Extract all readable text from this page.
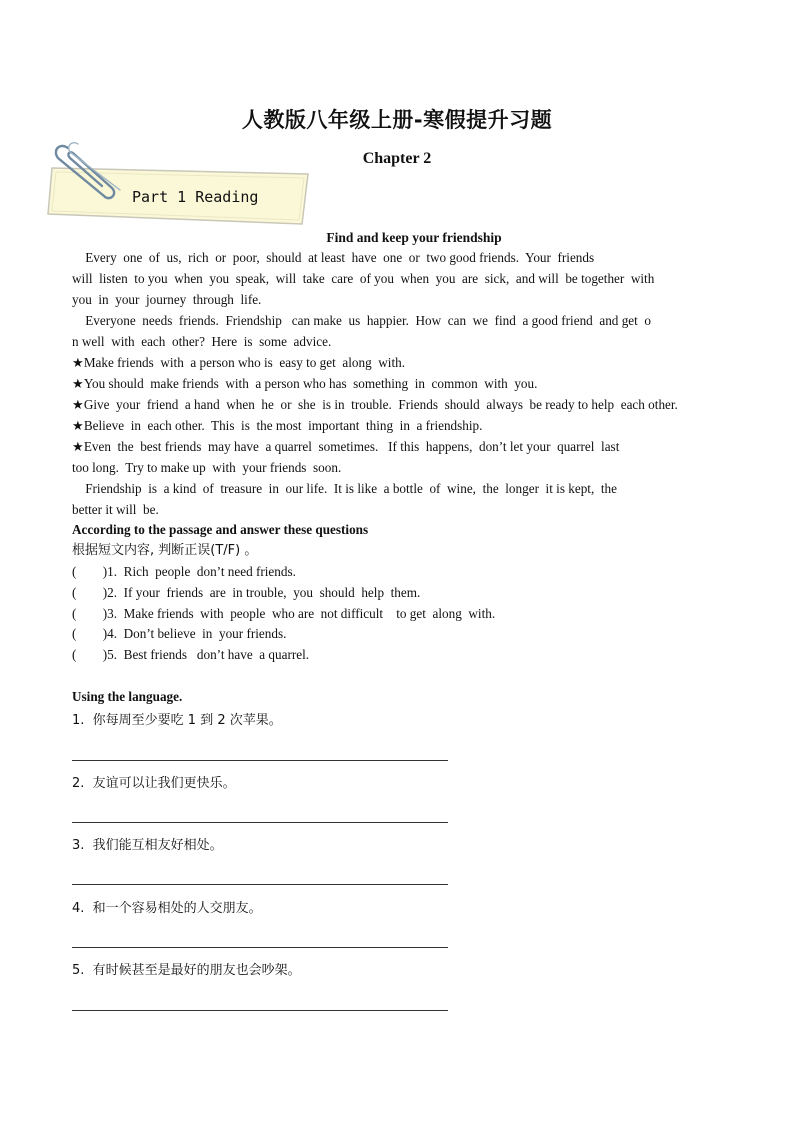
人教版八年级上册-寒假提升习题
Chapter 2
Part 1 Reading
Find and keep your friendship
Every  one  of  us,  rich  or  poor,  should  at least  have  one  or  two good friends.  Your  friends
will  listen  to you  when  you  speak,  will  take  care  of you  when  you  are  sick,  and will  be together  with
you  in  your  journey  through  life.
Everyone  needs  friends.  Friendship   can make  us  happier.  How  can  we  find  a good friend  and get  o
n well  with  each  other?  Here  is  some  advice.
★Make friends  with  a person who is  easy to get  along  with.
★You should  make friends  with  a person who has  something  in  common  with  you.
★Give  your  friend  a hand  when  he  or  she  is in  trouble.  Friends  should  always  be ready to help  each other.
★Believe  in  each other.  This  is  the most  important  thing  in  a friendship.
★Even  the  best friends  may have  a quarrel  sometimes.   If this  happens,  don’t let your  quarrel  last
too long.  Try to make up  with  your friends  soon.
Friendship  is  a kind  of  treasure  in  our life.  It is like  a bottle  of  wine,  the  longer  it is kept,  the
better it will  be.
According to the passage and answer these questions
根据短文内容, 判断正误(T/F) 。
(        )1.  Rich  people  don’t need friends.
(        )2.  If your  friends  are  in trouble,  you  should  help  them.
(        )3.  Make friends  with  people  who are  not difficult    to get  along  with.
(        )4.  Don’t believe  in  your friends.
(        )5.  Best friends   don’t have  a quarrel.
Using the language.
1.  你每周至少要吃 1 到 2 次苹果。
2.  友谊可以让我们更快乐。
3.  我们能互相友好相处。
4.  和一个容易相处的人交朋友。
5.  有时候甚至是最好的朋友也会吵架。
